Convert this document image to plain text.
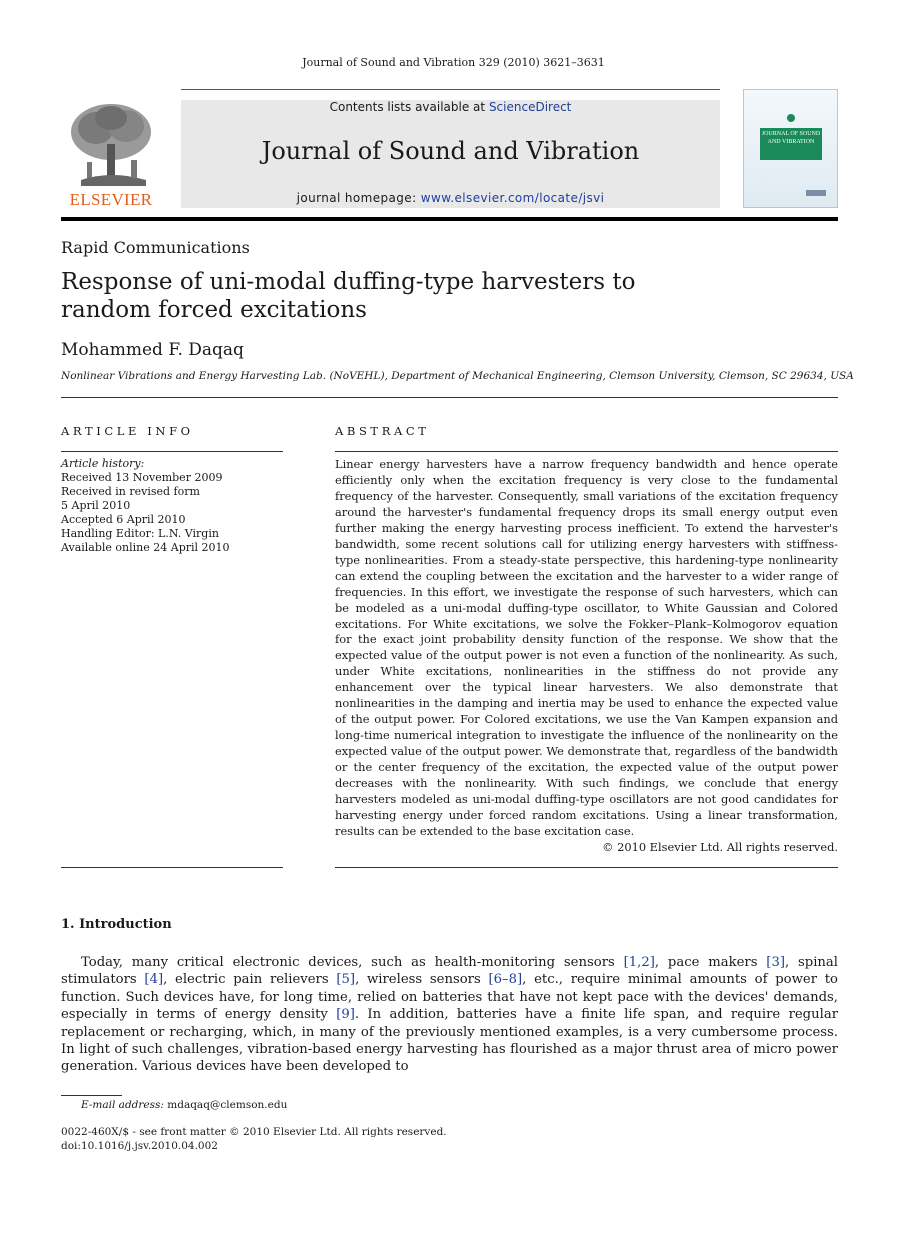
Journal of Sound and Vibration 329 (2010) 3621–3631
ELSEVIER
Contents lists available at ScienceDirect
Journal of Sound and Vibration
journal homepage: www.elsevier.com/locate/jsvi
JOURNAL OF SOUND AND VIBRATION
Rapid Communications
Response of uni-modal duffing-type harvesters to
random forced excitations
Mohammed F. Daqaq
Nonlinear Vibrations and Energy Harvesting Lab. (NoVEHL), Department of Mechanical Engineering, Clemson University, Clemson, SC 29634, USA
ARTICLE INFO
Article history:
Received 13 November 2009
Received in revised form
5 April 2010
Accepted 6 April 2010
Handling Editor: L.N. Virgin
Available online 24 April 2010
ABSTRACT
Linear energy harvesters have a narrow frequency bandwidth and hence operate efficiently only when the excitation frequency is very close to the fundamental frequency of the harvester. Consequently, small variations of the excitation frequency around the harvester's fundamental frequency drops its small energy output even further making the energy harvesting process inefficient. To extend the harvester's bandwidth, some recent solutions call for utilizing energy harvesters with stiffness-type nonlinearities. From a steady-state perspective, this hardening-type nonlinearity can extend the coupling between the excitation and the harvester to a wider range of frequencies. In this effort, we investigate the response of such harvesters, which can be modeled as a uni-modal duffing-type oscillator, to White Gaussian and Colored excitations. For White excitations, we solve the Fokker–Plank–Kolmogorov equation for the exact joint probability density function of the response. We show that the expected value of the output power is not even a function of the nonlinearity. As such, under White excitations, nonlinearities in the stiffness do not provide any enhancement over the typical linear harvesters. We also demonstrate that nonlinearities in the damping and inertia may be used to enhance the expected value of the output power. For Colored excitations, we use the Van Kampen expansion and long-time numerical integration to investigate the influence of the nonlinearity on the expected value of the output power. We demonstrate that, regardless of the bandwidth or the center frequency of the excitation, the expected value of the output power decreases with the nonlinearity. With such findings, we conclude that energy harvesters modeled as uni-modal duffing-type oscillators are not good candidates for harvesting energy under forced random excitations. Using a linear transformation, results can be extended to the base excitation case.
© 2010 Elsevier Ltd. All rights reserved.
1. Introduction
Today, many critical electronic devices, such as health-monitoring sensors [1,2], pace makers [3], spinal stimulators [4], electric pain relievers [5], wireless sensors [6–8], etc., require minimal amounts of power to function. Such devices have, for long time, relied on batteries that have not kept pace with the devices' demands, especially in terms of energy density [9]. In addition, batteries have a finite life span, and require regular replacement or recharging, which, in many of the previously mentioned examples, is a very cumbersome process. In light of such challenges, vibration-based energy harvesting has flourished as a major thrust area of micro power generation. Various devices have been developed to
E-mail address: mdaqaq@clemson.edu
0022-460X/$ - see front matter © 2010 Elsevier Ltd. All rights reserved.
doi:10.1016/j.jsv.2010.04.002
